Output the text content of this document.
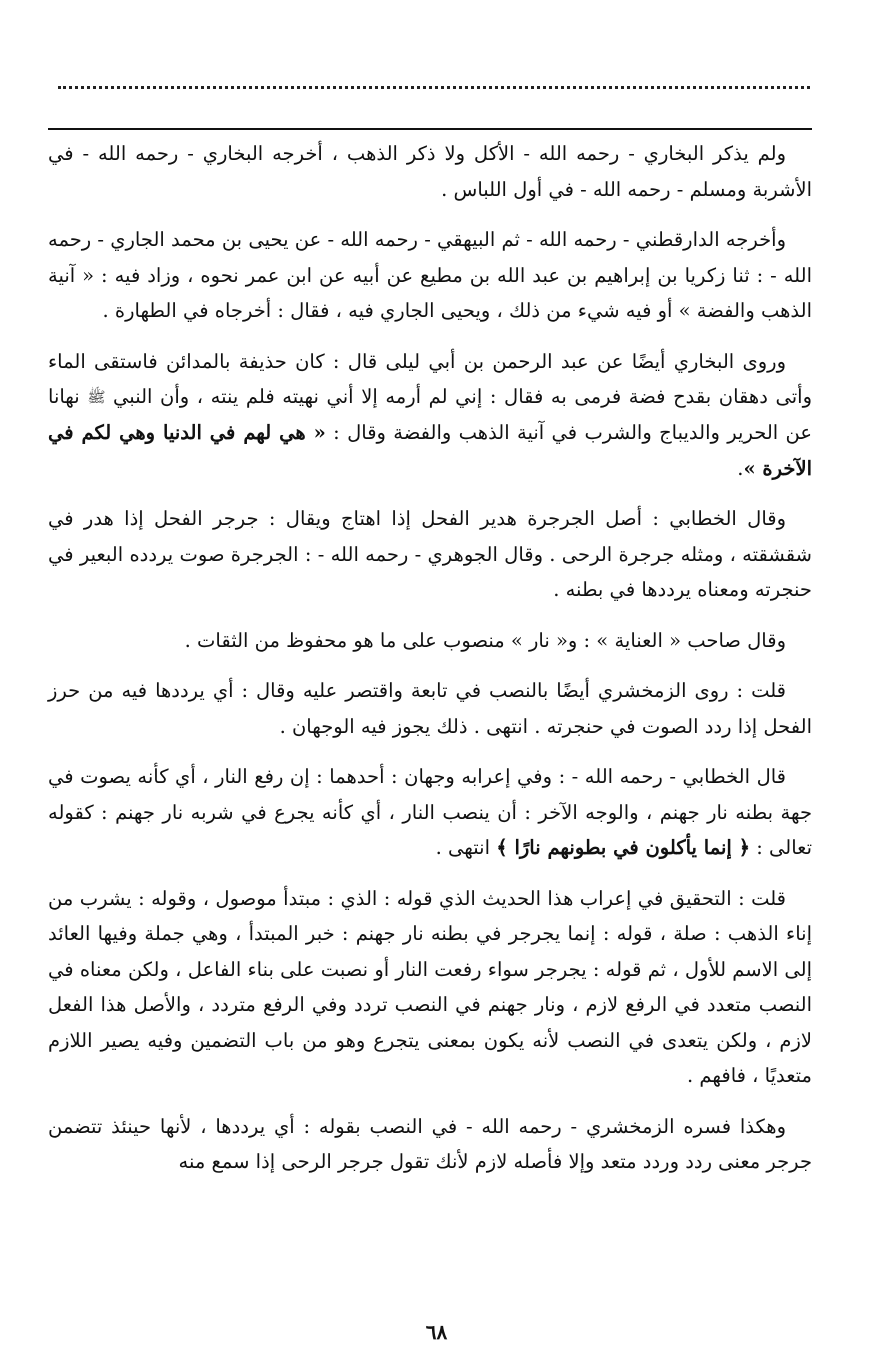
ولم يذكر البخاري - رحمه الله - الأكل ولا ذكر الذهب ، أخرجه البخاري - رحمه الله - في الأشربة ومسلم - رحمه الله - في أول اللباس .

وأخرجه الدارقطني - رحمه الله - ثم البيهقي - رحمه الله - عن يحيى بن محمد الجاري - رحمه الله - : ثنا زكريا بن إبراهيم بن عبد الله بن مطيع عن أبيه عن ابن عمر نحوه ، وزاد فيه : « آنية الذهب والفضة » أو فيه شيء من ذلك ، ويحيى الجاري فيه ، فقال : أخرجاه في الطهارة .

وروى البخاري أيضًا عن عبد الرحمن بن أبي ليلى قال : كان حذيفة بالمدائن فاستقى الماء وأتى دهقان بقدح فضة فرمى به فقال : إني لم أرمه إلا أني نهيته فلم ينته ، وأن النبي ﷺ نهانا عن الحرير والديباج والشرب في آنية الذهب والفضة وقال : « هي لهم في الدنيا وهي لكم في الآخرة ».

وقال الخطابي : أصل الجرجرة هدير الفحل إذا اهتاج ويقال : جرجر الفحل إذا هدر في شقشقته ، ومثله جرجرة الرحى . وقال الجوهري - رحمه الله - : الجرجرة صوت يردده البعير في حنجرته ومعناه يرددها في بطنه .

وقال صاحب « العناية » : و« نار » منصوب على ما هو محفوظ من الثقات .

قلت : روى الزمخشري أيضًا بالنصب في تابعة واقتصر عليه وقال : أي يرددها فيه من حرز الفحل إذا ردد الصوت في حنجرته . انتهى . ذلك يجوز فيه الوجهان .

قال الخطابي - رحمه الله - : وفي إعرابه وجهان : أحدهما : إن رفع النار ، أي كأنه يصوت في جهة بطنه نار جهنم ، والوجه الآخر : أن ينصب النار ، أي كأنه يجرع في شربه نار جهنم : كقوله تعالى : ﴿ إنما يأكلون في بطونهم نارًا ﴾ انتهى .

قلت : التحقيق في إعراب هذا الحديث الذي قوله : الذي : مبتدأ موصول ، وقوله : يشرب من إناء الذهب : صلة ، قوله : إنما يجرجر في بطنه نار جهنم : خبر المبتدأ ، وهي جملة وفيها العائد إلى الاسم للأول ، ثم قوله : يجرجر سواء رفعت النار أو نصبت على بناء الفاعل ، ولكن معناه في النصب متعدد في الرفع لازم ، ونار جهنم في النصب تردد وفي الرفع متردد ، والأصل هذا الفعل لازم ، ولكن يتعدى في النصب لأنه يكون بمعنى يتجرع وهو من باب التضمين وفيه يصير اللازم متعديًا ، فافهم .

وهكذا فسره الزمخشري - رحمه الله - في النصب بقوله : أي يرددها ، لأنها حينئذ تتضمن جرجر معنى ردد وردد متعد وإلا فأصله لازم لأنك تقول جرجر الرحى إذا سمع منه

٦٨
